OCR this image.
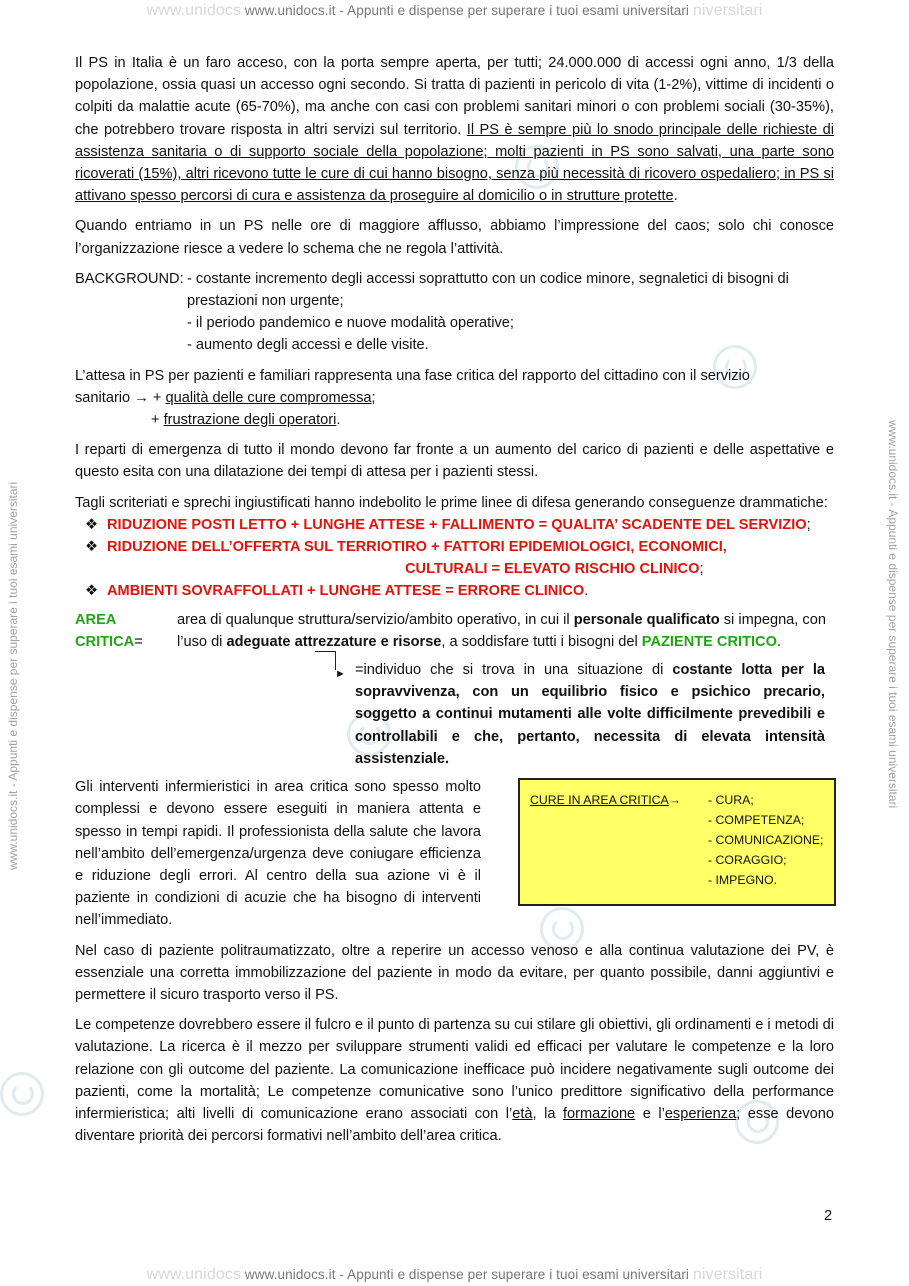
www.unidocs www.unidocs.it - Appunti e dispense per superare i tuoi esami universitari niversitari
www.unidocs.it - Appunti e dispense per superare i tuoi esami universitari	www.unidocs.it - Appunti e dispense per superare i tuoi esami universitari

Il PS in Italia è un faro acceso, con la porta sempre aperta, per tutti; 24.000.000 di accessi ogni anno, 1/3 della popolazione, ossia quasi un accesso ogni secondo. Si tratta di pazienti in pericolo di vita (1-2%), vittime di incidenti o colpiti da malattie acute (65-70%), ma anche con casi con problemi sanitari minori o con problemi sociali (30-35%), che potrebbero trovare risposta in altri servizi sul territorio. Il PS è sempre più lo snodo principale delle richieste di assistenza sanitaria o di supporto sociale della popolazione; molti pazienti in PS sono salvati, una parte sono ricoverati (15%), altri ricevono tutte le cure di cui hanno bisogno, senza più necessità di ricovero ospedaliero; in PS si attivano spesso percorsi di cura e assistenza da proseguire al domicilio o in strutture protette.

Quando entriamo in un PS nelle ore di maggiore afflusso, abbiamo l’impressione del caos; solo chi conosce l’organizzazione riesce a vedere lo schema che ne regola l’attività.

BACKGROUND: - costante incremento degli accessi soprattutto con un codice minore, segnaletici di bisogni di
prestazioni non urgente;
- il periodo pandemico e nuove modalità operative;
- aumento degli accessi e delle visite.
L’attesa in PS per pazienti e familiari rappresenta una fase critica del rapporto del cittadino con il servizio
sanitario → + qualità delle cure compromessa;
+ frustrazione degli operatori.

I reparti di emergenza di tutto il mondo devono far fronte a un aumento del carico di pazienti e delle aspettative e questo esita con una dilatazione dei tempi di attesa per i pazienti stessi.

Tagli scriteriati e sprechi ingiustificati hanno indebolito le prime linee di difesa generando conseguenze drammatiche:

❖ RIDUZIONE POSTI LETTO + LUNGHE ATTESE + FALLIMENTO = QUALITA’ SCADENTE DEL SERVIZIO;
❖ RIDUZIONE DELL’OFFERTA SUL TERRIOTIRO + FATTORI EPIDEMIOLOGICI, ECONOMICI,
CULTURALI = ELEVATO RISCHIO CLINICO ;
❖ AMBIENTI SOVRAFFOLLATI + LUNGHE ATTESE = ERRORE CLINICO.
AREA CRITICA=
area di qualunque struttura/servizio/ambito operativo, in cui il personale qualificato si impegna, con l’uso di adeguate attrezzature e risorse, a soddisfare tutti i bisogni del PAZIENTE CRITICO.
► =individuo che si trova in una situazione di costante lotta per la sopravvivenza, con un equilibrio fisico e psichico precario, soggetto a continui mutamenti alle volte difficilmente prevedibili e controllabili e che, pertanto, necessita di elevata intensità assistenziale.

Gli interventi infermieristici in area critica sono spesso molto complessi e devono essere eseguiti in maniera attenta e spesso in tempi rapidi. Il professionista della salute che lavora nell’ambito dell’emergenza/urgenza deve coniugare efficienza e riduzione degli errori. Al centro della sua azione vi è il paziente in condizioni di acuzie che ha bisogno di interventi nell’immediato.

CURE IN AREA CRITICA→	- CURA;
- COMPETENZA;
- COMUNICAZIONE;
- CORAGGIO;
- IMPEGNO.

Nel caso di paziente politraumatizzato, oltre a reperire un accesso venoso e alla continua valutazione dei PV, è essenziale una corretta immobilizzazione del paziente in modo da evitare, per quanto possibile, danni aggiuntivi e permettere il sicuro trasporto verso il PS.

Le competenze dovrebbero essere il fulcro e il punto di partenza su cui stilare gli obiettivi, gli ordinamenti e i metodi di valutazione. La ricerca è il mezzo per sviluppare strumenti validi ed efficaci per valutare le competenze e la loro relazione con gli outcome del paziente. La comunicazione inefficace può incidere negativamente sugli outcome dei pazienti, come la mortalità; Le competenze comunicative sono l’unico predittore significativo della performance infermieristica; alti livelli di comunicazione erano associati con l’età, la formazione e l’esperienza; esse devono diventare priorità dei percorsi formativi nell’ambito dell’area critica.

2
www.unidocs www.unidocs.it - Appunti e dispense per superare i tuoi esami universitari niversitari
